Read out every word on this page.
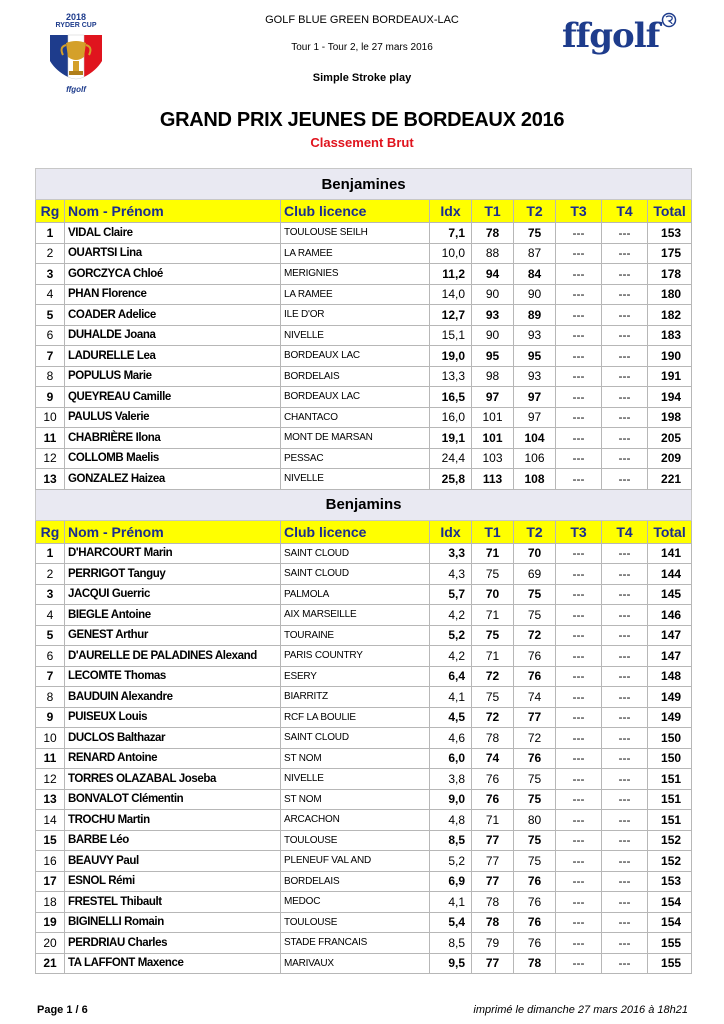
2018
RYDER CUP
ffgolf
ffgolf
GOLF BLUE GREEN BORDEAUX-LAC
Tour 1 - Tour 2, le 27 mars 2016
Simple Stroke play
GRAND PRIX JEUNES DE BORDEAUX 2016
Classement Brut
Benjamines								
Rg	Nom - Prénom	Club licence	Idx	T1	T2	T3	T4	Total
1	VIDAL Claire	TOULOUSE SEILH	7,1	78	75	---	---	153
2	OUARTSI Lina	LA RAMEE	10,0	88	87	---	---	175
3	GORCZYCA Chloé	MERIGNIES	11,2	94	84	---	---	178
4	PHAN Florence	LA RAMEE	14,0	90	90	---	---	180
5	COADER Adelice	ILE D'OR	12,7	93	89	---	---	182
6	DUHALDE Joana	NIVELLE	15,1	90	93	---	---	183
7	LADURELLE Lea	BORDEAUX LAC	19,0	95	95	---	---	190
8	POPULUS Marie	BORDELAIS	13,3	98	93	---	---	191
9	QUEYREAU Camille	BORDEAUX LAC	16,5	97	97	---	---	194
10	PAULUS Valerie	CHANTACO	16,0	101	97	---	---	198
11	CHABRIÈRE Ilona	MONT DE MARSAN	19,1	101	104	---	---	205
12	COLLOMB Maelis	PESSAC	24,4	103	106	---	---	209
13	GONZALEZ Haizea	NIVELLE	25,8	113	108	---	---	221
Benjamins								
Rg	Nom - Prénom	Club licence	Idx	T1	T2	T3	T4	Total
1	D'HARCOURT Marin	SAINT CLOUD	3,3	71	70	---	---	141
2	PERRIGOT Tanguy	SAINT CLOUD	4,3	75	69	---	---	144
3	JACQUI Guerric	PALMOLA	5,7	70	75	---	---	145
4	BIEGLE Antoine	AIX MARSEILLE	4,2	71	75	---	---	146
5	GENEST Arthur	TOURAINE	5,2	75	72	---	---	147
6	D'AURELLE DE PALADINES Alexand	PARIS COUNTRY	4,2	71	76	---	---	147
7	LECOMTE Thomas	ESERY	6,4	72	76	---	---	148
8	BAUDUIN Alexandre	BIARRITZ	4,1	75	74	---	---	149
9	PUISEUX Louis	RCF LA BOULIE	4,5	72	77	---	---	149
10	DUCLOS Balthazar	SAINT CLOUD	4,6	78	72	---	---	150
11	RENARD Antoine	ST NOM	6,0	74	76	---	---	150
12	TORRES OLAZABAL Joseba	NIVELLE	3,8	76	75	---	---	151
13	BONVALOT Clémentin	ST NOM	9,0	76	75	---	---	151
14	TROCHU Martin	ARCACHON	4,8	71	80	---	---	151
15	BARBE Léo	TOULOUSE	8,5	77	75	---	---	152
16	BEAUVY Paul	PLENEUF VAL AND	5,2	77	75	---	---	152
17	ESNOL Rémi	BORDELAIS	6,9	77	76	---	---	153
18	FRESTEL Thibault	MEDOC	4,1	78	76	---	---	154
19	BIGINELLI Romain	TOULOUSE	5,4	78	76	---	---	154
20	PERDRIAU Charles	STADE FRANCAIS	8,5	79	76	---	---	155
21	TA LAFFONT Maxence	MARIVAUX	9,5	77	78	---	---	155
Page 1 / 6	imprimé le dimanche 27 mars 2016 à 18h21
